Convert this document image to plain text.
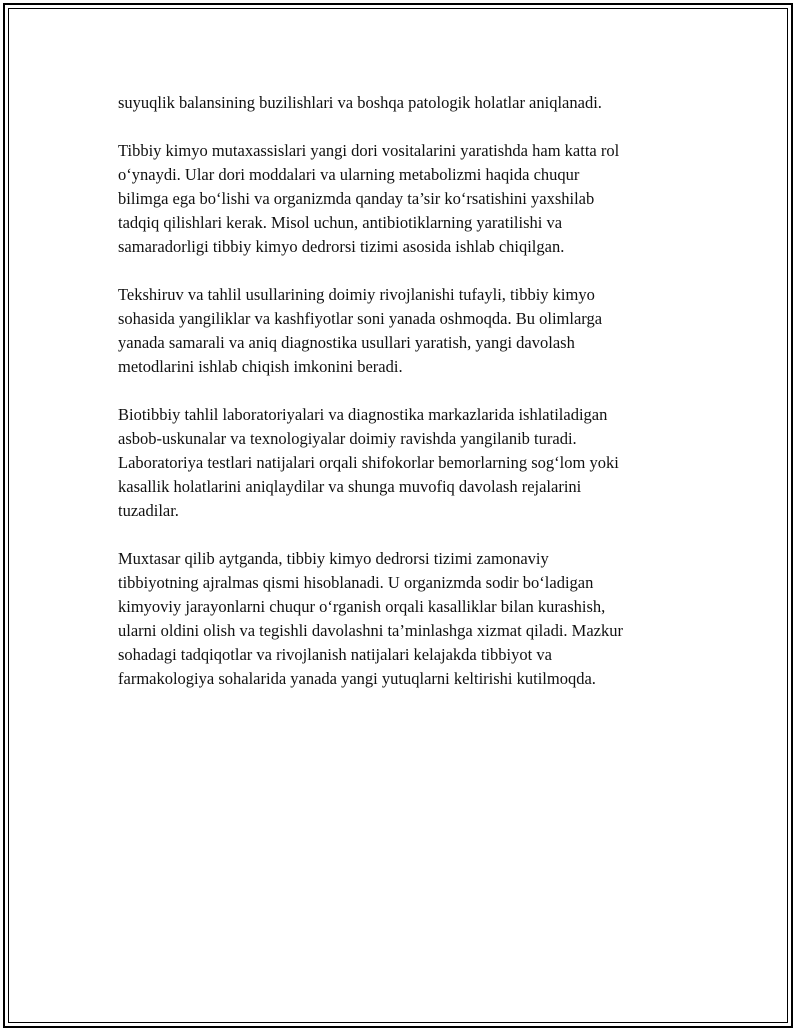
suyuqlik balansining buzilishlari va boshqa patologik holatlar aniqlanadi.

Tibbiy kimyo mutaxassislari yangi dori vositalarini yaratishda ham katta rol
o‘ynaydi. Ular dori moddalari va ularning metabolizmi haqida chuqur
bilimga ega bo‘lishi va organizmda qanday ta’sir ko‘rsatishini yaxshilab
tadqiq qilishlari kerak. Misol uchun, antibiotiklarning yaratilishi va
samaradorligi tibbiy kimyo dedrorsi tizimi asosida ishlab chiqilgan.

Tekshiruv va tahlil usullarining doimiy rivojlanishi tufayli, tibbiy kimyo
sohasida yangiliklar va kashfiyotlar soni yanada oshmoqda. Bu olimlarga
yanada samarali va aniq diagnostika usullari yaratish, yangi davolash
metodlarini ishlab chiqish imkonini beradi.

Biotibbiy tahlil laboratoriyalari va diagnostika markazlarida ishlatiladigan
asbob-uskunalar va texnologiyalar doimiy ravishda yangilanib turadi.
Laboratoriya testlari natijalari orqali shifokorlar bemorlarning sog‘lom yoki
kasallik holatlarini aniqlaydilar va shunga muvofiq davolash rejalarini
tuzadilar.

Muxtasar qilib aytganda, tibbiy kimyo dedrorsi tizimi zamonaviy
tibbiyotning ajralmas qismi hisoblanadi. U organizmda sodir bo‘ladigan
kimyoviy jarayonlarni chuqur o‘rganish orqali kasalliklar bilan kurashish,
ularni oldini olish va tegishli davolashni ta’minlashga xizmat qiladi. Mazkur
sohadagi tadqiqotlar va rivojlanish natijalari kelajakda tibbiyot va
farmakologiya sohalarida yanada yangi yutuqlarni keltirishi kutilmoqda.
